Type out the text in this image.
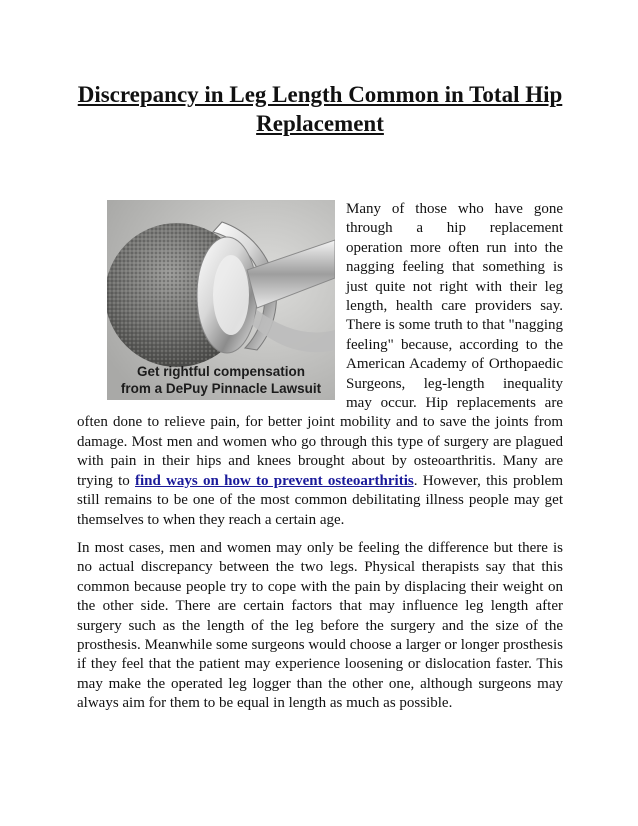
Discrepancy in Leg Length Common in Total Hip Replacement

Get rightful compensation
from a DePuy Pinnacle Lawsuit
Many of those who have gone through a hip replacement operation more often run into the nagging feeling that something is just quite not right with their leg length, health care providers say. There is some truth to that "nagging feeling" because, according to the American Academy of Orthopaedic Surgeons, leg-length inequality may occur. Hip replacements are often done to relieve pain, for better joint mobility and to save the joints from damage. Most men and women who go through this type of surgery are plagued with pain in their hips and knees brought about by osteoarthritis. Many are trying to find ways on how to prevent osteoarthritis. However, this problem still remains to be one of the most common debilitating illness people may get themselves to when they reach a certain age.

In most cases, men and women may only be feeling the difference but there is no actual discrepancy between the two legs. Physical therapists say that this common because people try to cope with the pain by displacing their weight on the other side. There are certain factors that may influence leg length after surgery such as the length of the leg before the surgery and the size of the prosthesis. Meanwhile some surgeons would choose a larger or longer prosthesis if they feel that the patient may experience loosening or dislocation faster. This may make the operated leg logger than the other one, although surgeons may always aim for them to be equal in length as much as possible.
